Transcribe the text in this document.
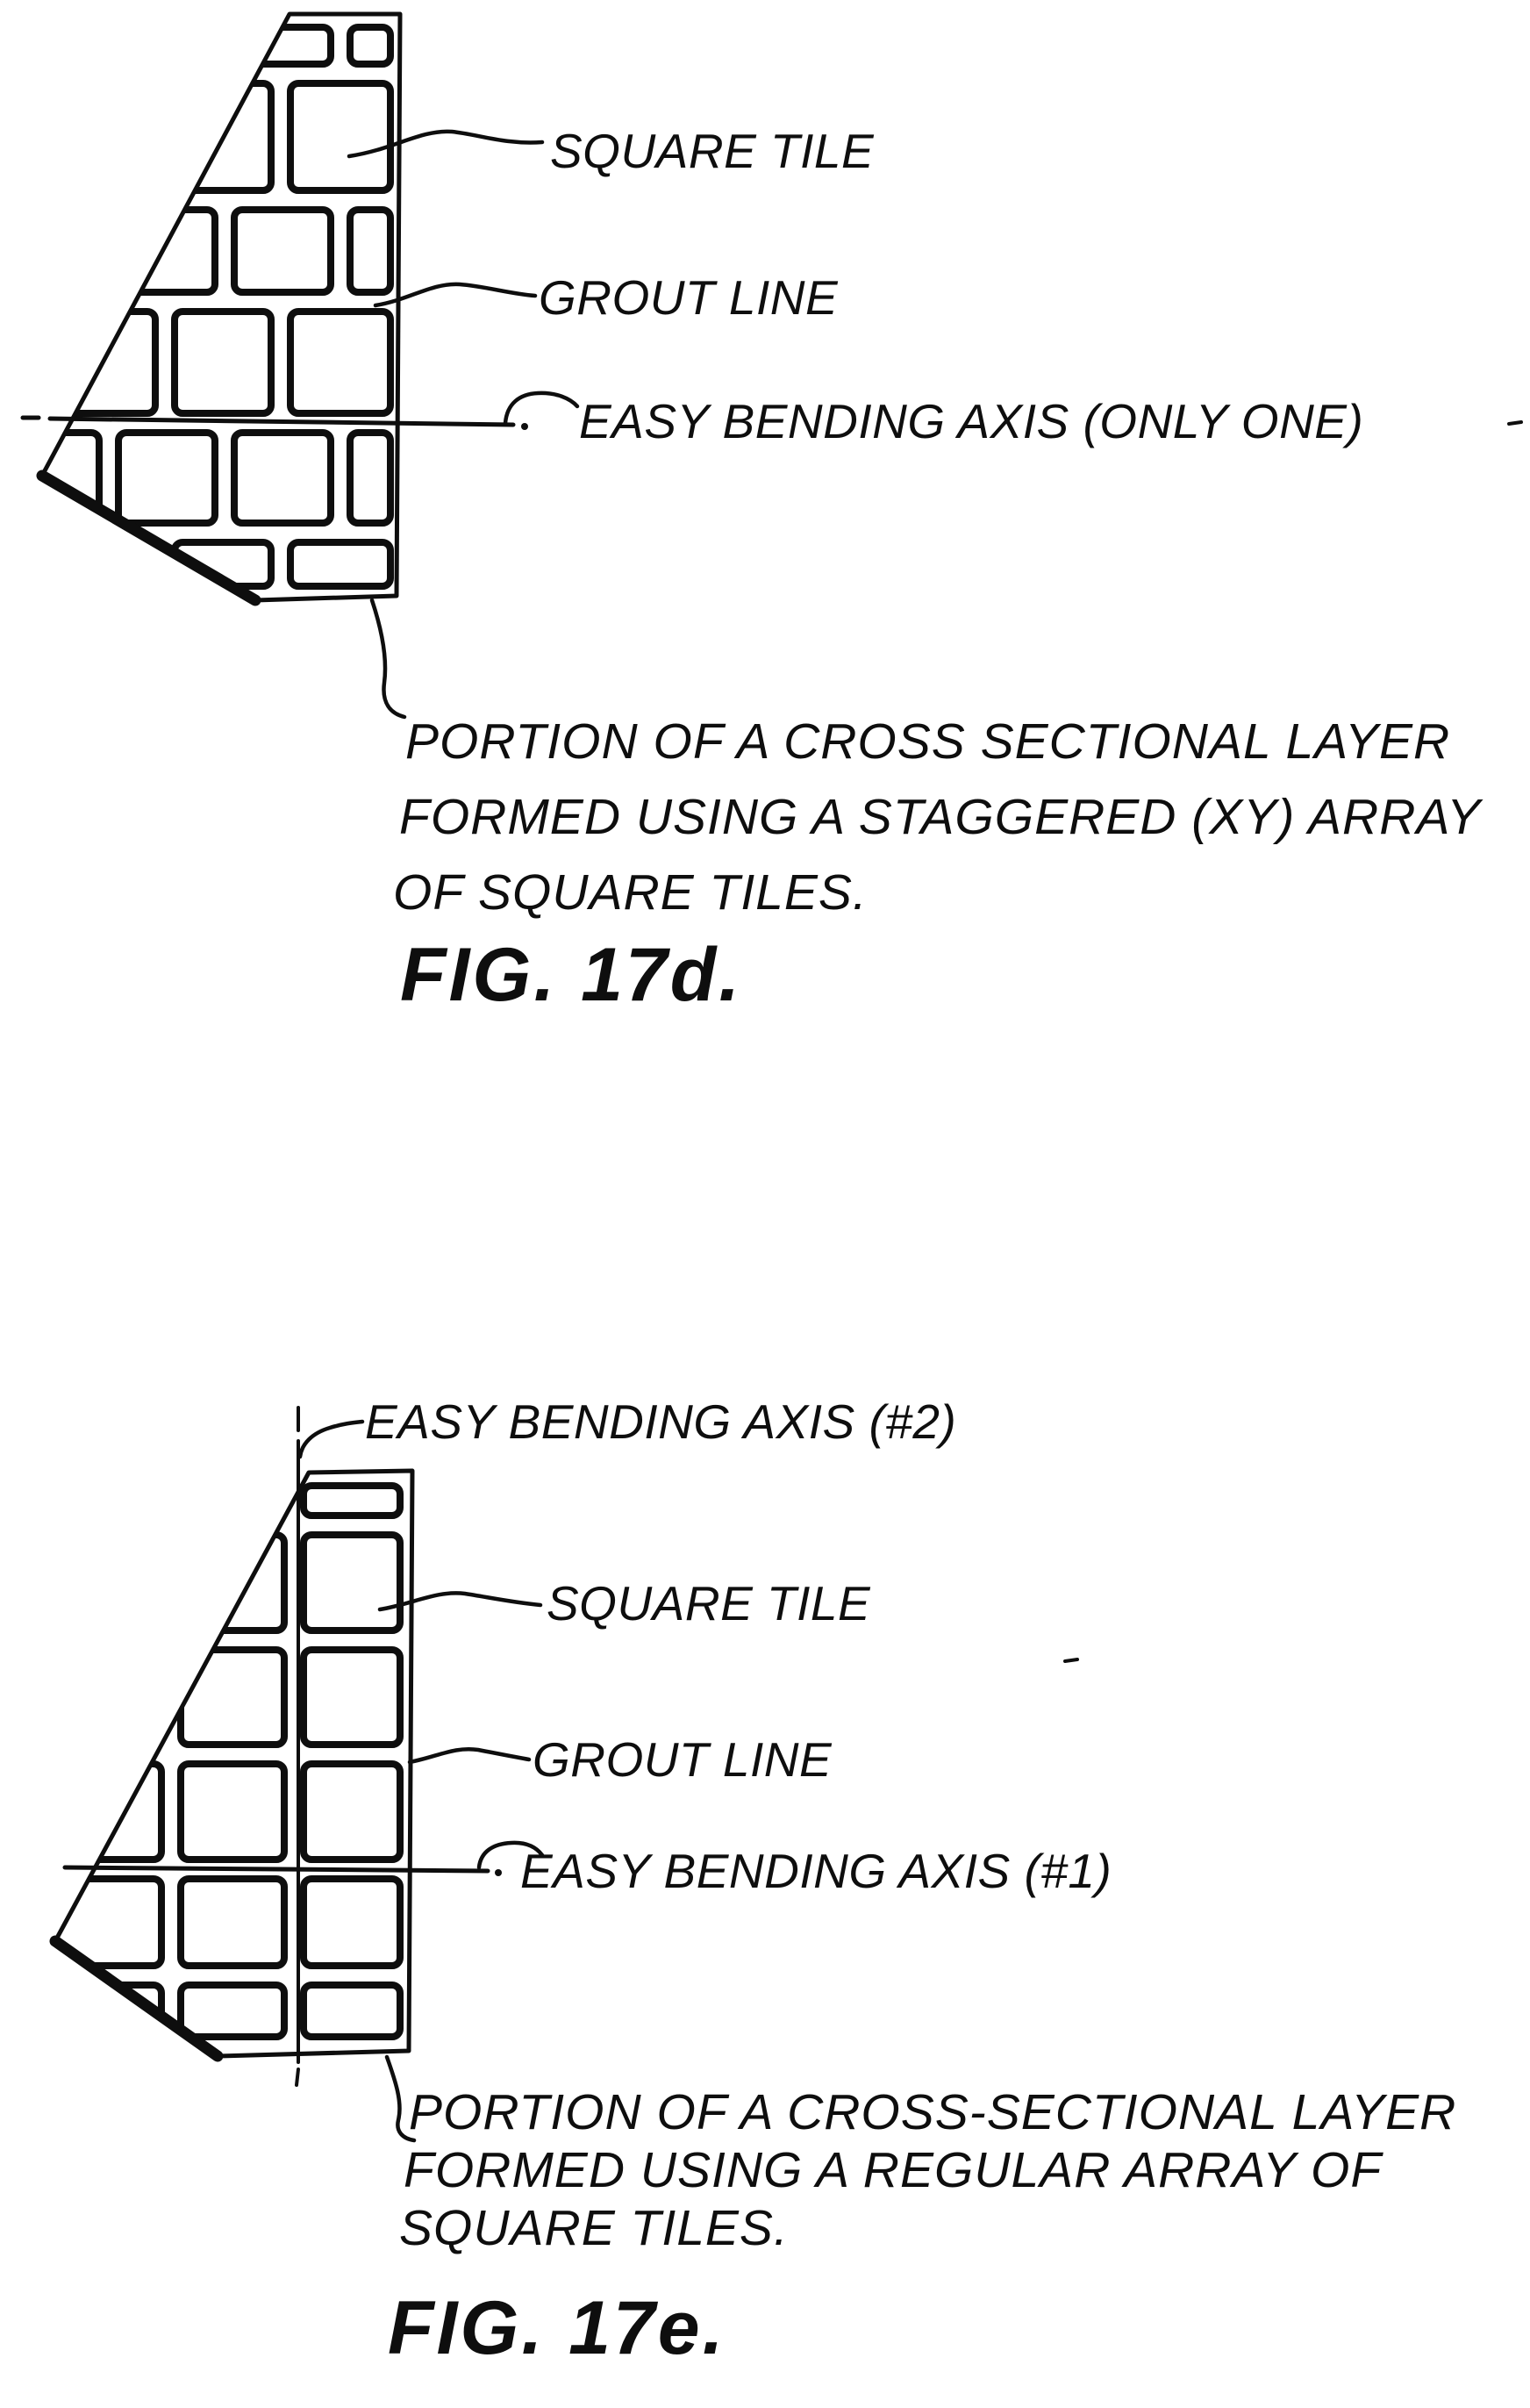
SQUARE TILE
GROUT LINE
EASY BENDING AXIS (ONLY ONE)
PORTION OF A CROSS SECTIONAL LAYER
FORMED USING A STAGGERED (XY) ARRAY
OF SQUARE TILES.
FIG. 17d.
EASY BENDING AXIS (#2)
SQUARE TILE
GROUT LINE
EASY BENDING AXIS (#1)
PORTION OF A CROSS-SECTIONAL LAYER
FORMED USING A REGULAR ARRAY OF
SQUARE TILES.
FIG. 17e.
